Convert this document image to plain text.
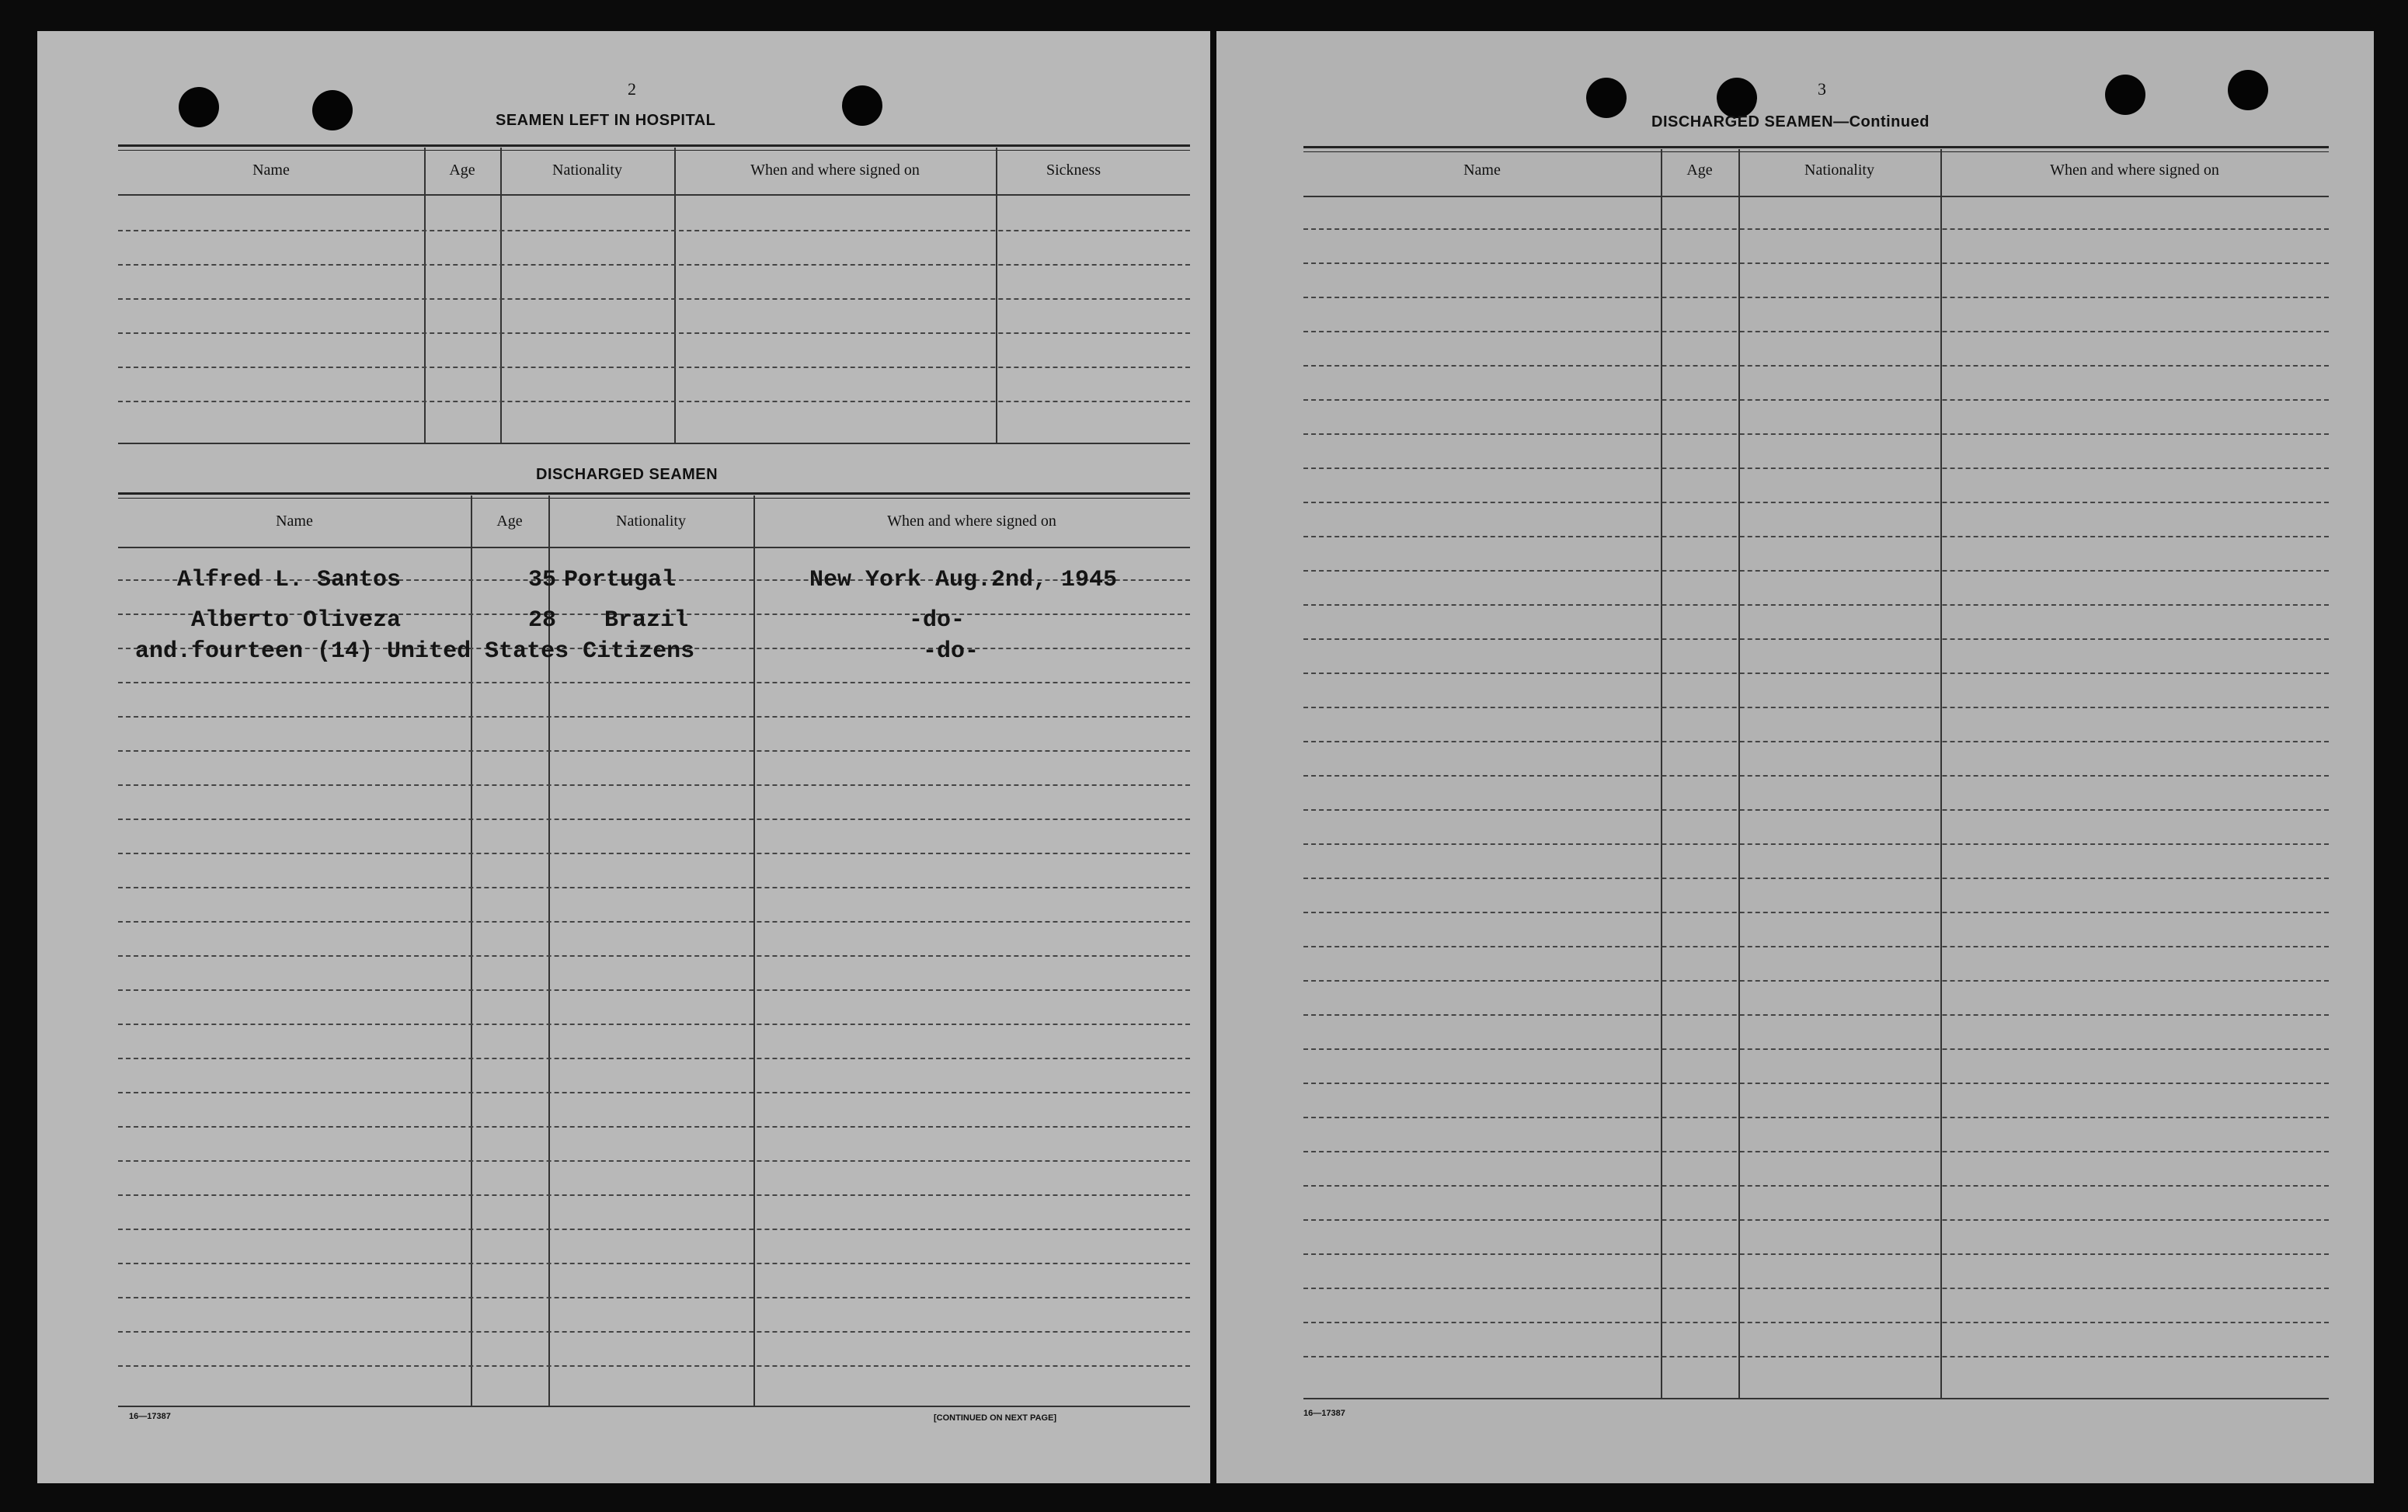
2
SEAMEN LEFT IN HOSPITAL
Name	Age	Nationality	When and where signed on	Sickness
DISCHARGED SEAMEN
Name	Age	Nationality	When and where signed on
Alfred L. Santos	35 Portugal	New York Aug.2nd, 1945
Alberto Oliveza	28 Brazil	-do-
and.fourteen (14) United States Citizens	-do-
16—17387	[CONTINUED ON NEXT PAGE]
3
DISCHARGED SEAMEN—Continued
Name	Age	Nationality	When and where signed on
16—17387
